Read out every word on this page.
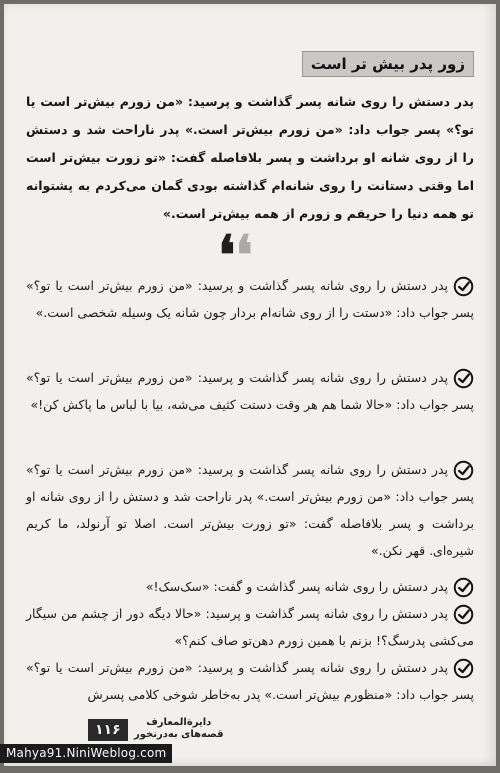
زور پدر بیش تر است
پدر دستش را روی شانه پسر گذاشت و پرسید: «من زورم بیش‌تر است یا تو؟» پسر جواب داد: «من زورم بیش‌تر است.» پدر ناراحت شد و دستش را از روی شانه او برداشت و پسر بلافاصله گفت: «تو زورت بیش‌تر است اما وقتی دستانت را روی شانه‌ام گذاشته بودی گمان می‌کردم به پشتوانه تو همه دنیا را حریفم و زورم از همه بیش‌تر است.»
❛❛
پدر دستش را روی شانه پسر گذاشت و پرسید: «من زورم بیش‌تر است یا تو؟» پسر جواب داد: «دستت را از روی شانه‌ام بردار چون شانه یک وسیله شخصی است.»
پدر دستش را روی شانه پسر گذاشت و پرسید: «من زورم بیش‌تر است یا تو؟» پسر جواب داد: «حالا شما هم هر وقت دستت کثیف می‌شه، بیا با لباس ما پاکش کن!»
پدر دستش را روی شانه پسر گذاشت و پرسید: «من زورم بیش‌تر است یا تو؟» پسر جواب داد: «من زورم بیش‌تر است.» پدر ناراحت شد و دستش را از روی شانه او برداشت و پسر بلافاصله گفت: «تو زورت بیش‌تر است. اصلا تو آرنولد، ما کریم شیره‌ای. قهر نکن.»
پدر دستش را روی شانه پسر گذاشت و گفت: «سک‌سک!»
پدر دستش را روی شانه پسر گذاشت و پرسید: «حالا دیگه دور از چشم من سیگار می‌کشی پدرسگ؟! بزنم با همین زورم دهن‌تو صاف کنم؟»
پدر دستش را روی شانه پسر گذاشت و پرسید: «من زورم بیش‌تر است یا تو؟» پسر جواب داد: «منظورم بیش‌تر است.» پدر به‌خاطر شوخی کلامی پسرش
۱۱۶	دایرة‌المعارف
قصه‌های به‌درنخور
Mahya91.NiniWeblog.com
